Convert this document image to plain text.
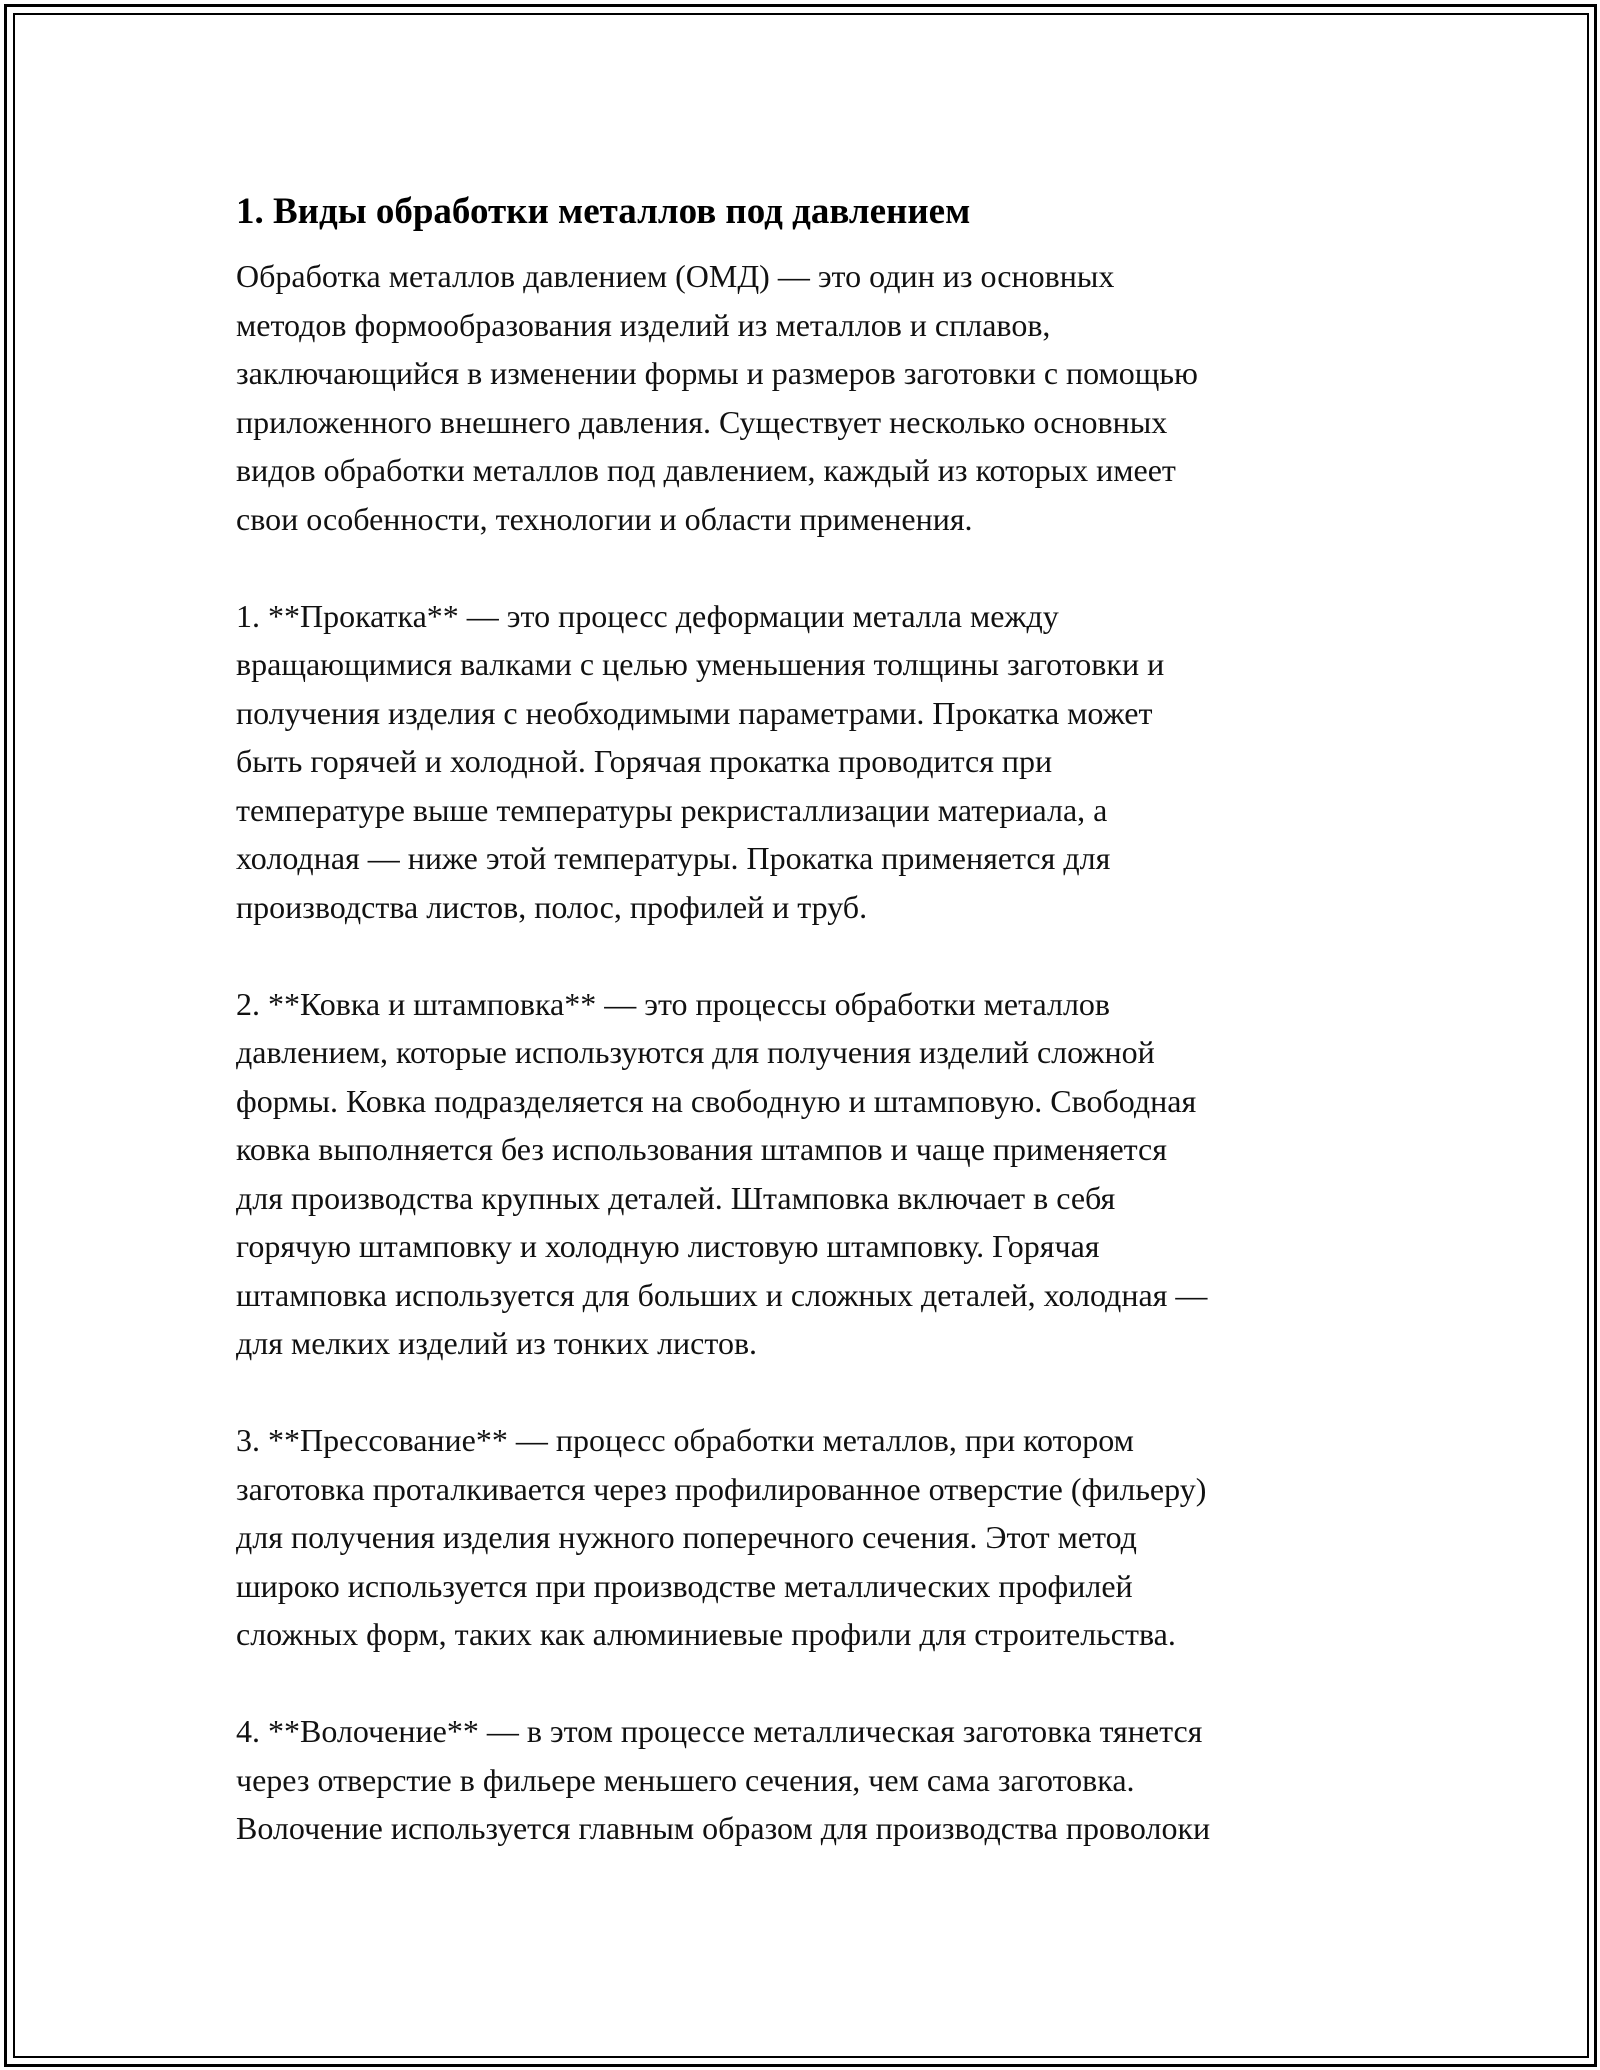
1. Виды обработки металлов под давлением

Обработка металлов давлением (ОМД) — это один из основных
методов формообразования изделий из металлов и сплавов,
заключающийся в изменении формы и размеров заготовки с помощью
приложенного внешнего давления. Существует несколько основных
видов обработки металлов под давлением, каждый из которых имеет
свои особенности, технологии и области применения.

1. **Прокатка** — это процесс деформации металла между
вращающимися валками с целью уменьшения толщины заготовки и
получения изделия с необходимыми параметрами. Прокатка может
быть горячей и холодной. Горячая прокатка проводится при
температуре выше температуры рекристаллизации материала, а
холодная — ниже этой температуры. Прокатка применяется для
производства листов, полос, профилей и труб.

2. **Ковка и штамповка** — это процессы обработки металлов
давлением, которые используются для получения изделий сложной
формы. Ковка подразделяется на свободную и штамповую. Свободная
ковка выполняется без использования штампов и чаще применяется
для производства крупных деталей. Штамповка включает в себя
горячую штамповку и холодную листовую штамповку. Горячая
штамповка используется для больших и сложных деталей, холодная —
для мелких изделий из тонких листов.

3. **Прессование** — процесс обработки металлов, при котором
заготовка проталкивается через профилированное отверстие (фильеру)
для получения изделия нужного поперечного сечения. Этот метод
широко используется при производстве металлических профилей
сложных форм, таких как алюминиевые профили для строительства.

4. **Волочение** — в этом процессе металлическая заготовка тянется
через отверстие в фильере меньшего сечения, чем сама заготовка.
Волочение используется главным образом для производства проволоки
